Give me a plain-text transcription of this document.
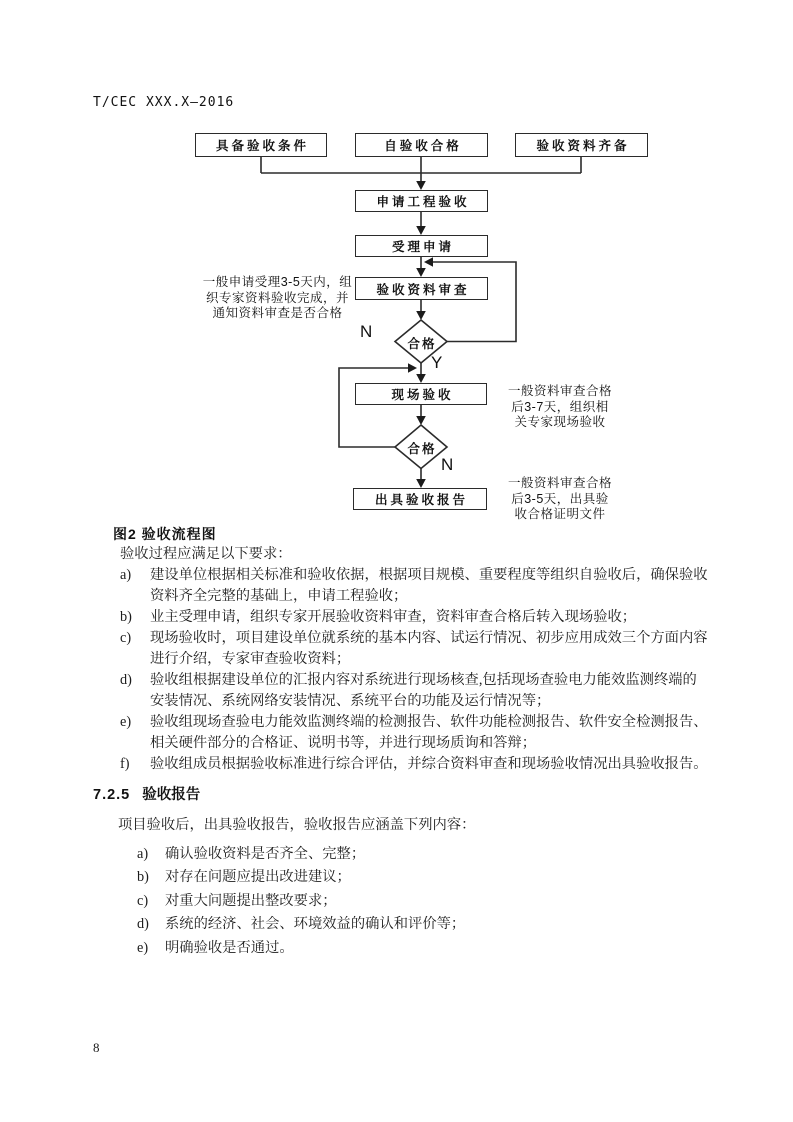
T/CEC XXX.X—2016
具备验收条件	自验收合格	验收资料齐备
申请工程验收
受理申请
验收资料审查
现场验收
出具验收报告
合格
合格
N
Y
N
一般申请受理3-5天内，组
织专家资料验收完成，并
通知资料审查是否合格
一般资料审查合格
后3-7天，组织相
关专家现场验收
一般资料审查合格
后3-5天，出具验
收合格证明文件
图2 验收流程图
验收过程应满足以下要求：
a)	建设单位根据相关标准和验收依据，根据项目规模、重要程度等组织自验收后，确保验收资料齐全完整的基础上，申请工程验收；
b)	业主受理申请，组织专家开展验收资料审查，资料审查合格后转入现场验收；
c)	现场验收时，项目建设单位就系统的基本内容、试运行情况、初步应用成效三个方面内容进行介绍，专家审查验收资料；
d)	验收组根据建设单位的汇报内容对系统进行现场核查,包括现场查验电力能效监测终端的安装情况、系统网络安装情况、系统平台的功能及运行情况等；
e)	验收组现场查验电力能效监测终端的检测报告、软件功能检测报告、软件安全检测报告、相关硬件部分的合格证、说明书等，并进行现场质询和答辩；
f)	验收组成员根据验收标准进行综合评估，并综合资料审查和现场验收情况出具验收报告。
7.2.5 验收报告
项目验收后，出具验收报告，验收报告应涵盖下列内容：
a)	确认验收资料是否齐全、完整；
b)	对存在问题应提出改进建议；
c)	对重大问题提出整改要求；
d)	系统的经济、社会、环境效益的确认和评价等；
e)	明确验收是否通过。
8
